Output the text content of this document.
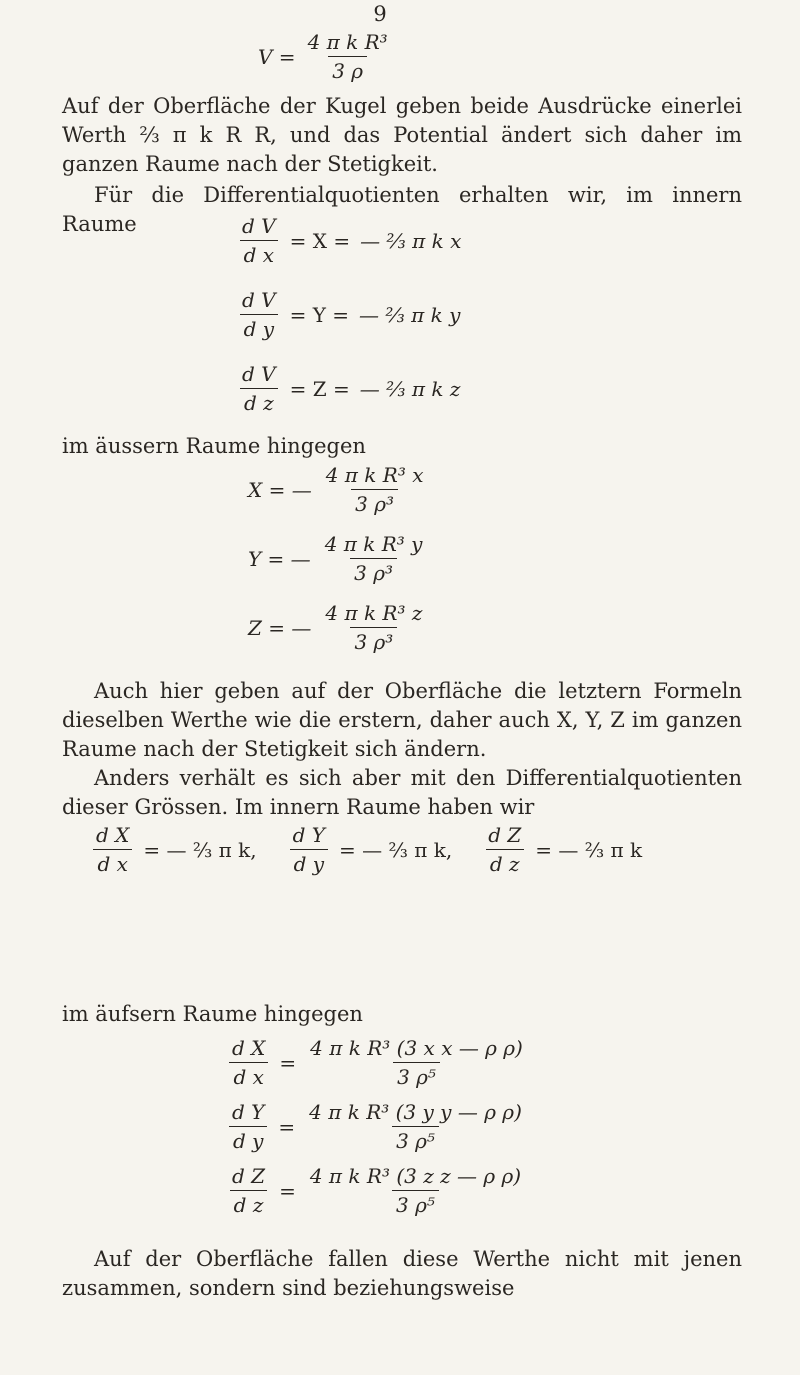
9
$V = \frac{\text{4 π k R³}}{3 \rho}$

Auf der Oberfläche der Kugel geben beide Ausdrücke einerlei Werth ⅔ π k R R, und das Potential ändert sich daher im ganzen Raume nach der Stetigkeit.

Für die Differentialquotienten erhalten wir, im innern Raume	$\frac{\text{d V}}{\text{d x}} = X$ = — ⅔ π k x
$\frac{\text{d V}}{\text{d y}} = Y$ = — ⅔ π k y
$\frac{\text{d V}}{\text{d z}} = Z$ = — ⅔ π k z

im äussern Raume hingegen

X = — $\frac{\text{4 π k R³ x}}{\text{3 ρ³}}$
Y = — $\frac{\text{4 π k R³ y}}{\text{3 ρ³}}$
Z = — $\frac{\text{4 π k R³ z}}{\text{3 ρ³}}$

Auch hier geben auf der Oberfläche die letztern Formeln dieselben Werthe wie die erstern, daher auch X, Y, Z im ganzen Raume nach der Stetigkeit sich ändern.

Anders verhält es sich aber mit den Differentialquotienten dieser Grössen. Im innern Raume haben wir

$\frac{\text{d X}}{\text{d x}}$ = — ⅔ π k, $\frac{\text{d Y}}{\text{d y}}$ = — ⅔ π k, $\frac{\text{d Z}}{\text{d z}}$ = — ⅔ π k

im äufsern Raume hingegen

$\frac{\text{d X}}{\text{d x}} = \frac{\text{4 π k R³ (3 x x — ρ ρ)}}{\text{3 ρ⁵}}$
$\frac{\text{d Y}}{\text{d y}} = \frac{\text{4 π k R³ (3 y y — ρ ρ)}}{\text{3 ρ⁵}}$
$\frac{\text{d Z}}{\text{d z}} = \frac{\text{4 π k R³ (3 z z — ρ ρ)}}{\text{3 ρ⁵}}$

Auf der Oberfläche fallen diese Werthe nicht mit jenen zusammen, sondern sind beziehungsweise
